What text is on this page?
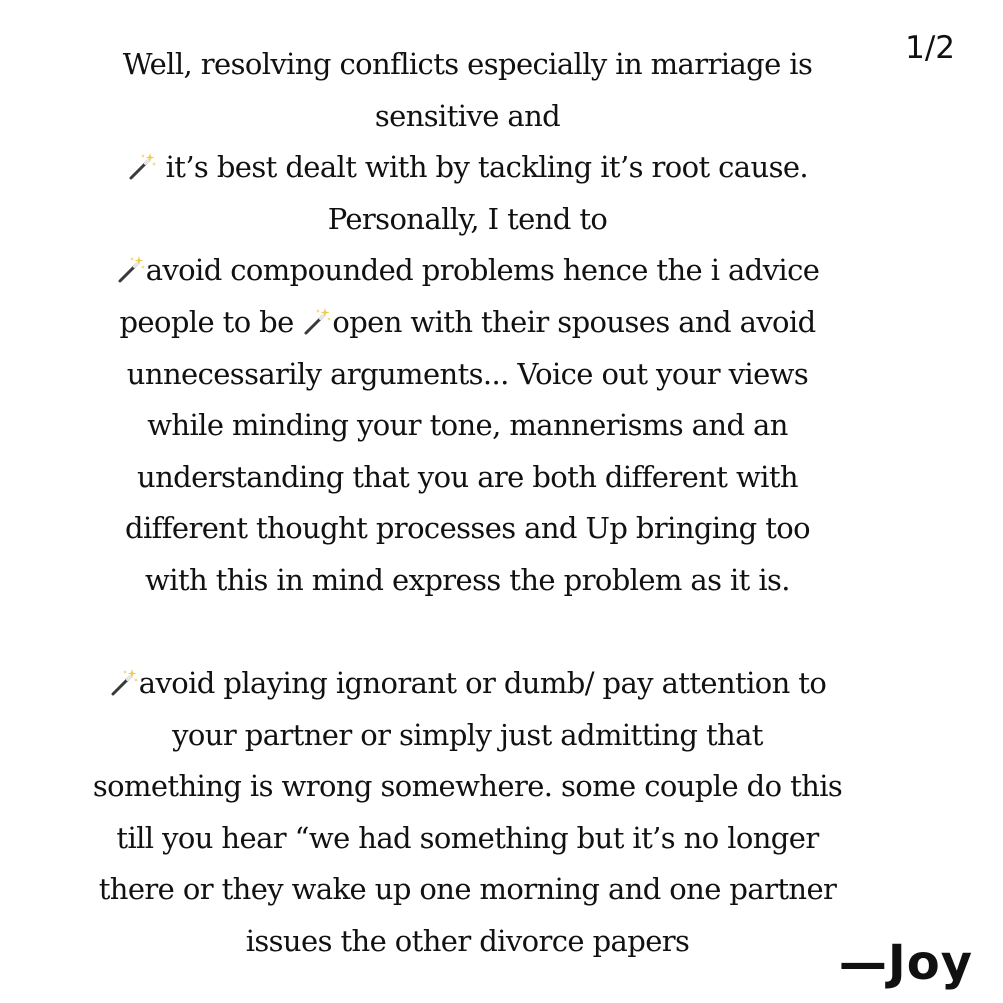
1/2
Well, resolving conflicts especially in marriage is
sensitive and
it’s best dealt with by tackling it’s root cause.
Personally, I tend to
avoid compounded problems hence the i advice
people to be open with their spouses and avoid
unnecessarily arguments... Voice out your views
while minding your tone, mannerisms and an
understanding that you are both different with
different thought processes and Up bringing too
with this in mind express the problem as it is.
avoid playing ignorant or dumb/ pay attention to
your partner or simply just admitting that
something is wrong somewhere. some couple do this
till you hear “we had something but it’s no longer
there or they wake up one morning and one partner
issues the other divorce papers	—Joy
